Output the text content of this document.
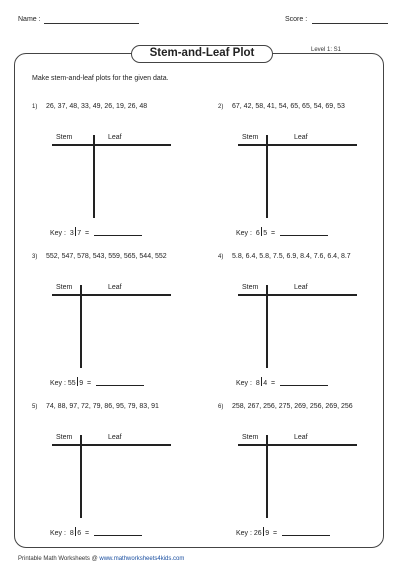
Name :	Score :
Stem-and-Leaf Plot	Level 1: S1
Make stem-and-leaf plots for the given data.
1) 26, 37, 48, 33, 49, 26, 19, 26, 48
Stem	Leaf
Key : 3 7  =
2) 67, 42, 58, 41, 54, 65, 65, 54, 69, 53
Stem	Leaf
Key : 6 5  =
3) 552, 547, 578, 543, 559, 565, 544, 552
Stem	Leaf
Key : 55 9  =
4) 5.8, 6.4, 5.8, 7.5, 6.9, 8.4, 7.6, 6.4, 8.7
Stem	Leaf
Key : 8 4  =
5) 74, 88, 97, 72, 79, 86, 95, 79, 83, 91
Stem	Leaf
Key : 8 6  =
6) 258, 267, 256, 275, 269, 256, 269, 256
Stem	Leaf
Key : 26 9  =
Printable Math Worksheets @ www.mathworksheets4kids.com
